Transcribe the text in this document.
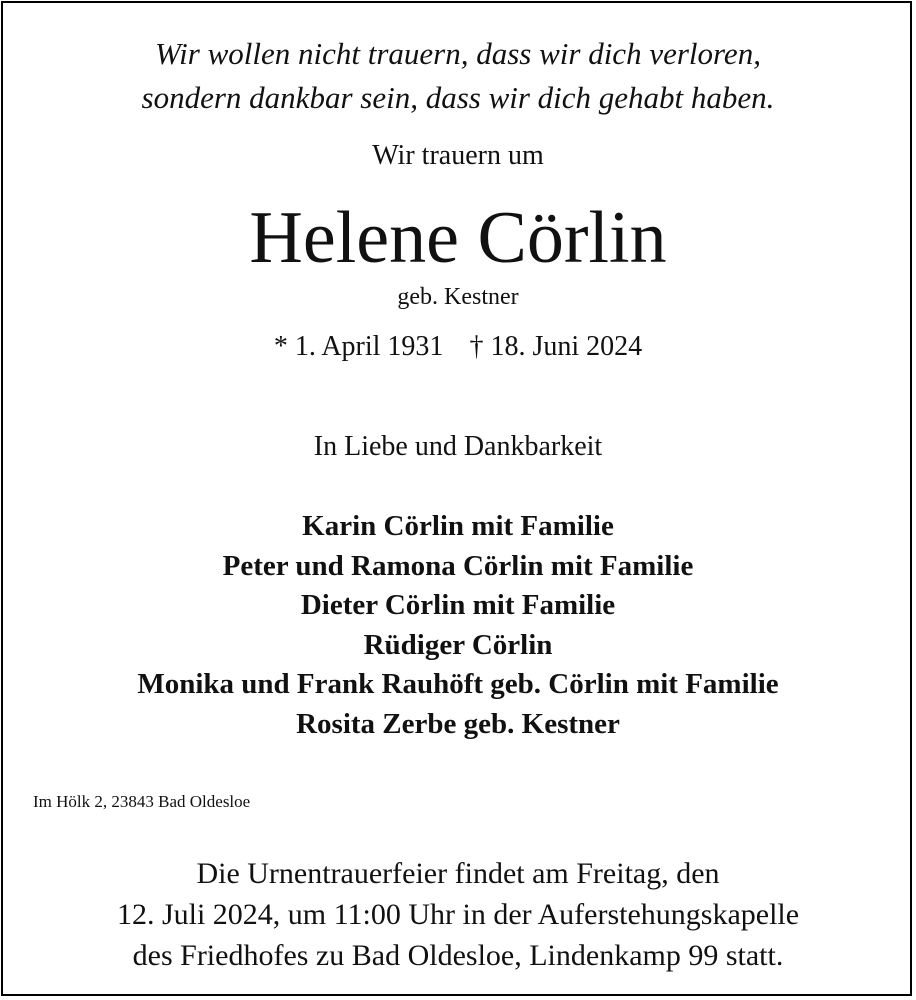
Wir wollen nicht trauern, dass wir dich verloren,
sondern dankbar sein, dass wir dich gehabt haben.
Wir trauern um
Helene Cörlin
geb. Kestner
* 1. April 1931 † 18. Juni 2024
In Liebe und Dankbarkeit
Karin Cörlin mit Familie
Peter und Ramona Cörlin mit Familie
Dieter Cörlin mit Familie
Rüdiger Cörlin
Monika und Frank Rauhöft geb. Cörlin mit Familie
Rosita Zerbe geb. Kestner
Im Hölk 2, 23843 Bad Oldesloe
Die Urnentrauerfeier findet am Freitag, den
12. Juli 2024, um 11:00 Uhr in der Auferstehungskapelle
des Friedhofes zu Bad Oldesloe, Lindenkamp 99 statt.
